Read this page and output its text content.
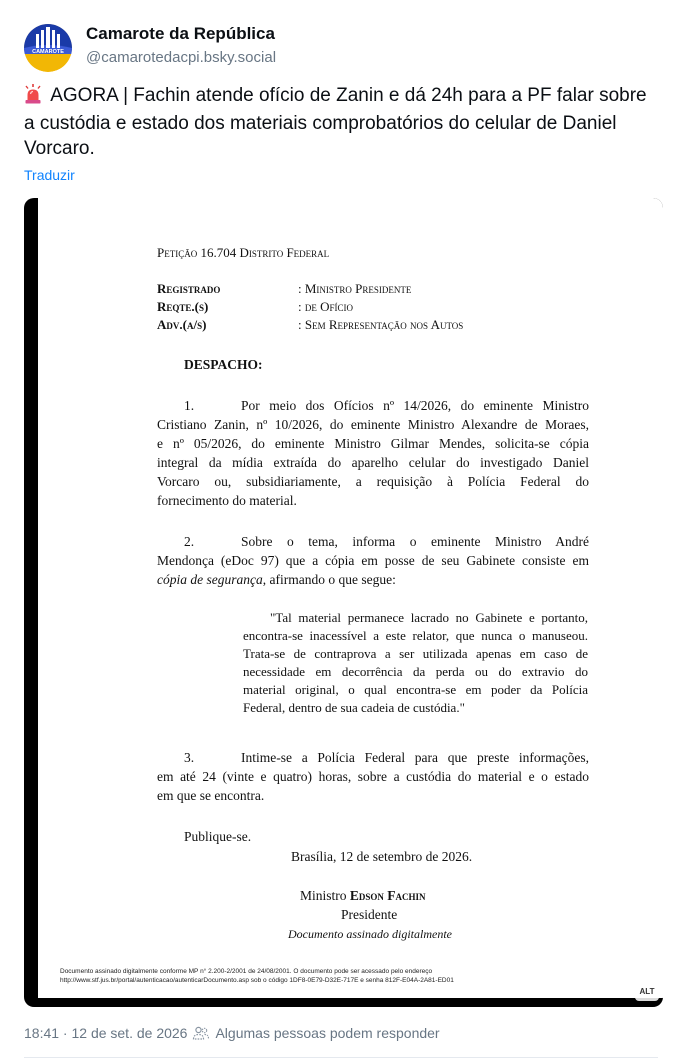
CAMAROTE
Camarote da República
@camarotedacpi.bsky.social
AGORA | Fachin atende ofício de Zanin e dá 24h para a PF falar sobre a custódia e estado dos materiais comprobatórios do celular de Daniel Vorcaro.
Traduzir
Petição 16.704 Distrito Federal
Registrado	: Ministro Presidente
Reqte.(s)	: de Ofício
Adv.(a/s)	: Sem Representação nos Autos
DESPACHO:
1.	Por meio dos Ofícios nº 14/2026, do eminente Ministro
Cristiano Zanin, nº 10/2026, do eminente Ministro Alexandre de Moraes,
e nº 05/2026, do eminente Ministro Gilmar Mendes, solicita-se cópia
integral da mídia extraída do aparelho celular do investigado Daniel
Vorcaro ou, subsidiariamente, a requisição à Polícia Federal do
fornecimento do material.
2.	Sobre o tema, informa o eminente Ministro André
Mendonça (eDoc 97) que a cópia em posse de seu Gabinete consiste em
cópia de segurança, afirmando o que segue:
"Tal material permanece lacrado no Gabinete e portanto,
encontra-se inacessível a este relator, que nunca o manuseou.
Trata-se de contraprova a ser utilizada apenas em caso de
necessidade em decorrência da perda ou do extravio do
material original, o qual encontra-se em poder da Polícia
Federal, dentro de sua cadeia de custódia."
3.	Intime-se a Polícia Federal para que preste informações,
em até 24 (vinte e quatro) horas, sobre a custódia do material e o estado
em que se encontra.
Publique-se.
Brasília, 12 de setembro de 2026.
Ministro Edson Fachin
Presidente
Documento assinado digitalmente
Documento assinado digitalmente conforme MP n° 2.200-2/2001 de 24/08/2001. O documento pode ser acessado pelo endereço
http://www.stf.jus.br/portal/autenticacao/autenticarDocumento.asp sob o código 1DF8-0E79-D32E-717E e senha 812F-E04A-2A81-ED01
ALT
18:41 · 12 de set. de 2026 Algumas pessoas podem responder
